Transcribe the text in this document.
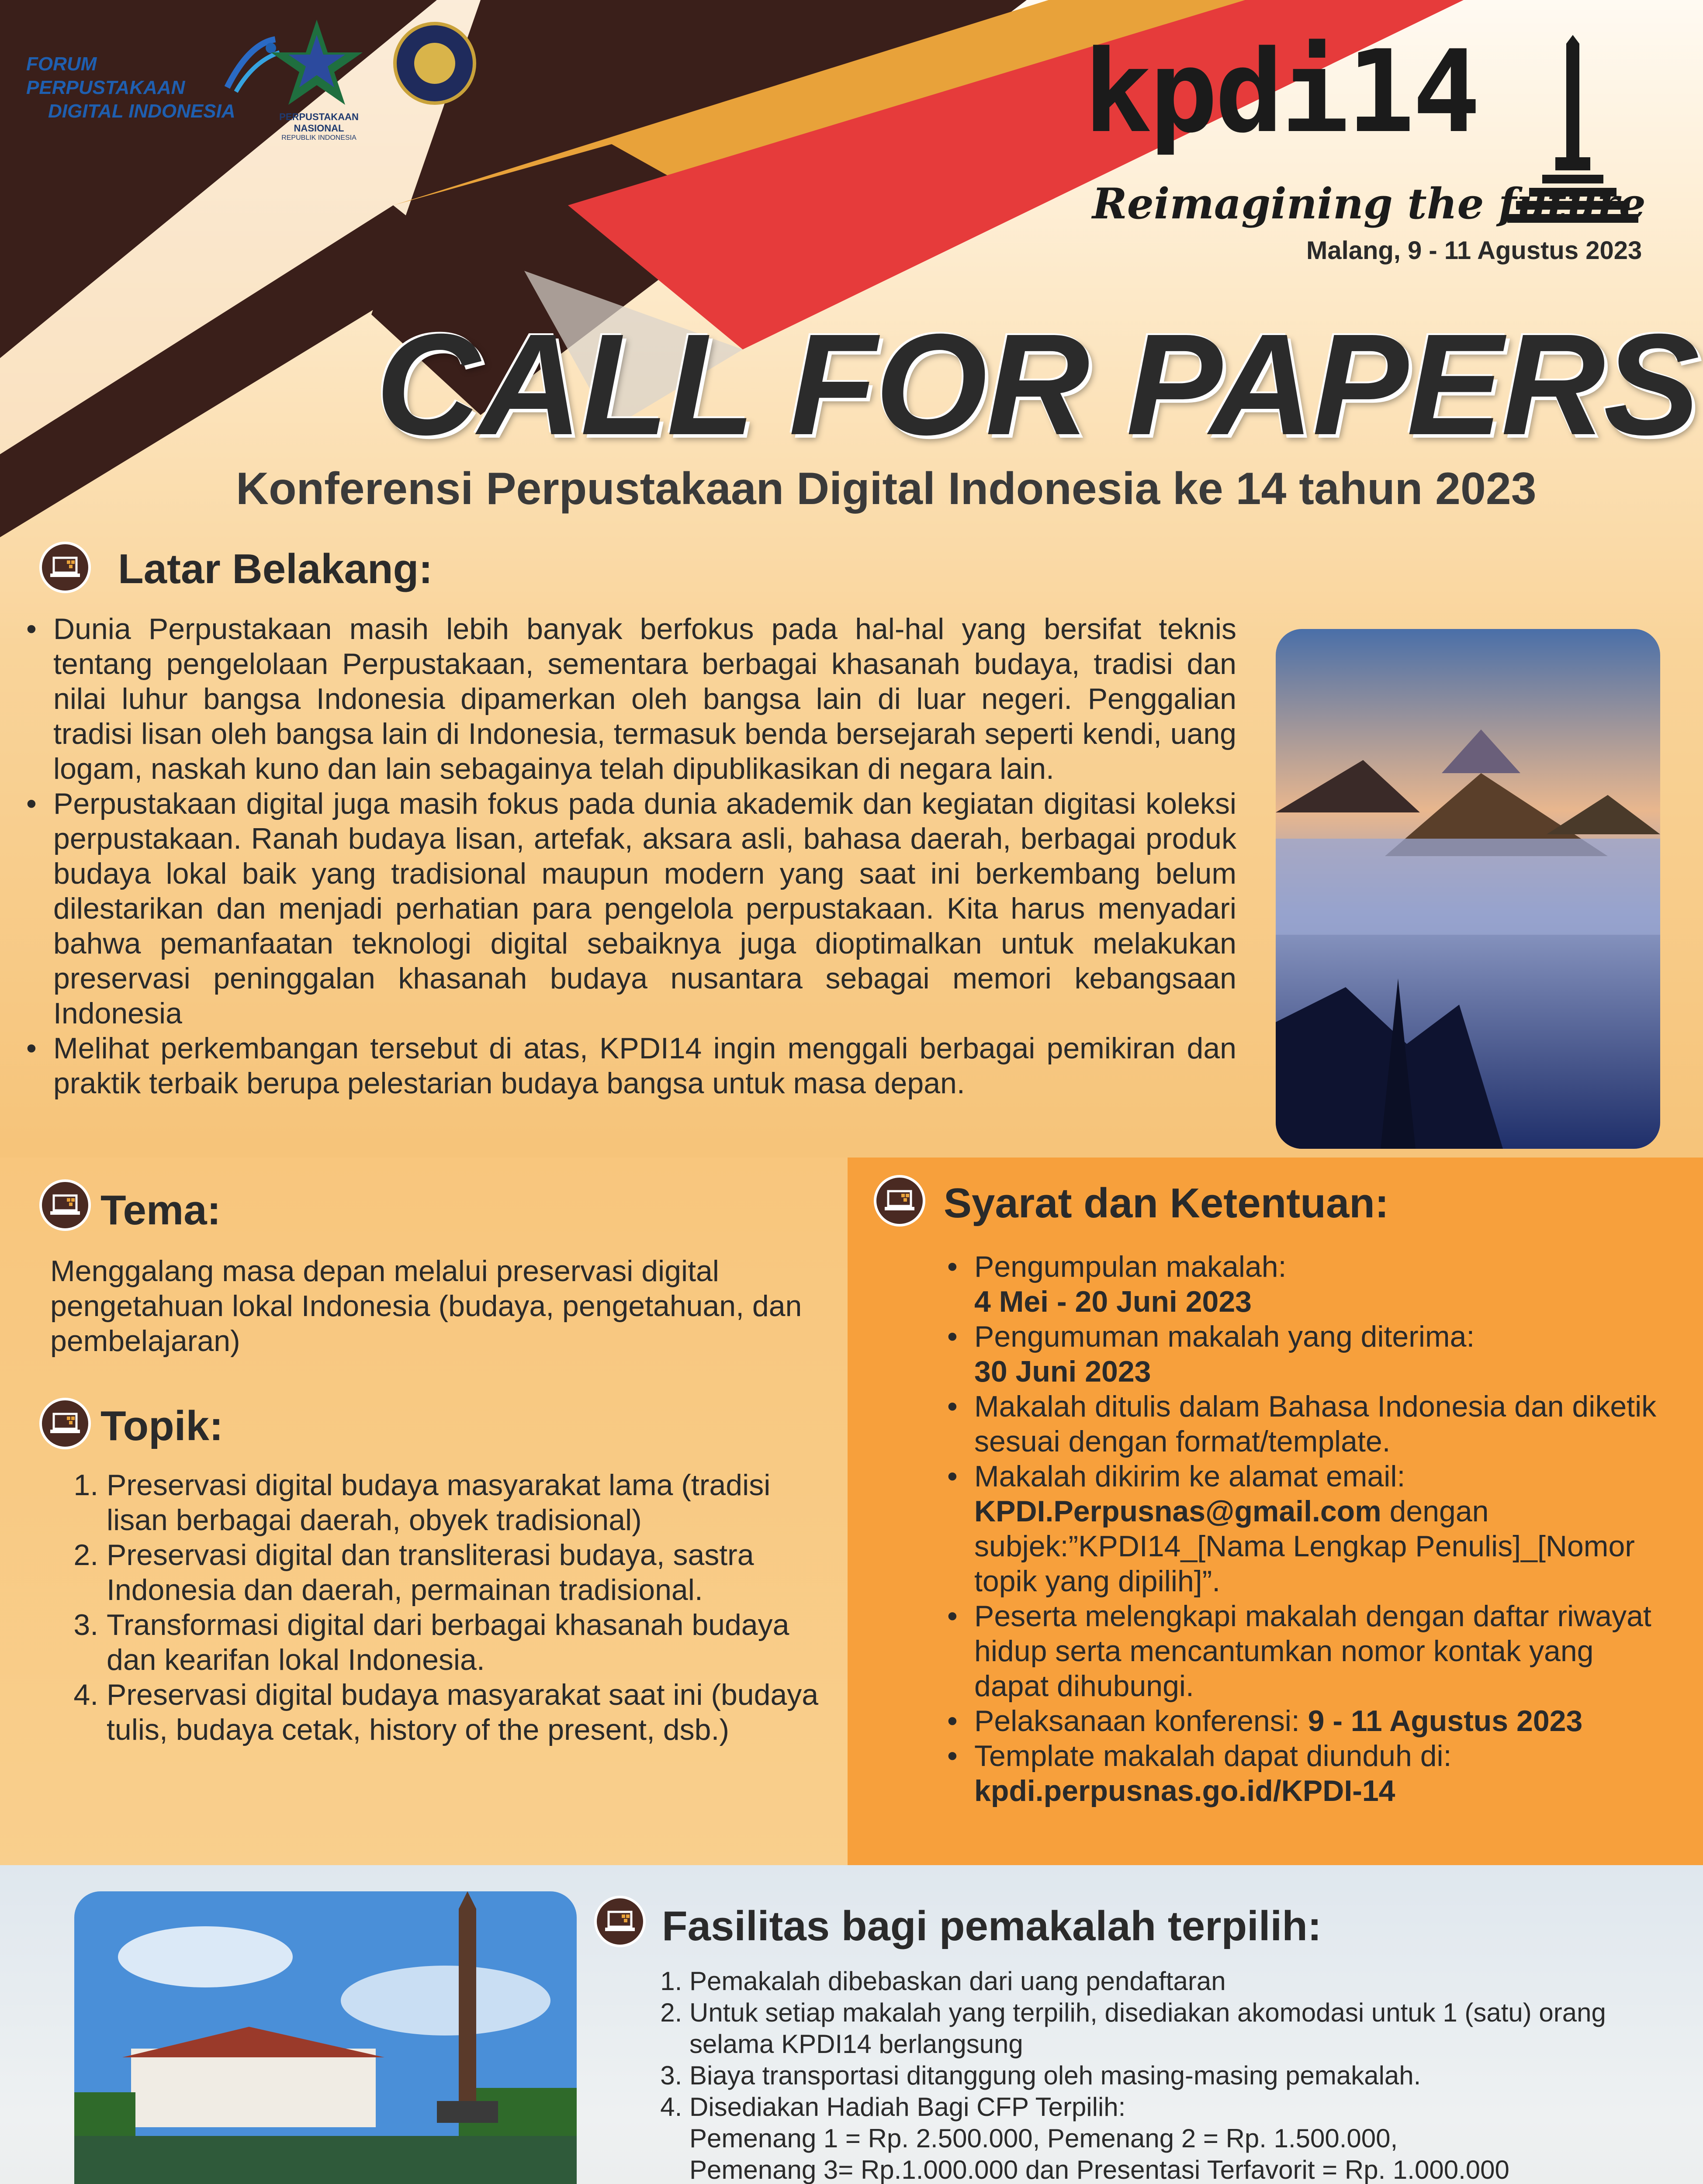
FORUM PERPUSTAKAAN
DIGITAL INDONESIA	PERPUSTAKAAN NASIONAL
REPUBLIK INDONESIA	kpdi14
Reimagining the future
Malang, 9 - 11 Agustus 2023
CALL FOR PAPERS
Konferensi Perpustakaan Digital Indonesia ke 14 tahun 2023
Latar Belakang:
• Dunia Perpustakaan masih lebih banyak berfokus pada hal-hal yang bersifat teknis tentang pengelolaan Perpustakaan, sementara berbagai khasanah budaya, tradisi dan nilai luhur bangsa Indonesia dipamerkan oleh bangsa lain di luar negeri. Penggalian tradisi lisan oleh bangsa lain di Indonesia, termasuk benda bersejarah seperti kendi, uang logam, naskah kuno dan lain sebagainya telah dipublikasikan di negara lain.
• Perpustakaan digital juga masih fokus pada dunia akademik dan kegiatan digitasi koleksi perpustakaan. Ranah budaya lisan, artefak, aksara asli, bahasa daerah, berbagai produk budaya lokal baik yang tradisional maupun modern yang saat ini berkembang belum dilestarikan dan menjadi perhatian para pengelola perpustakaan. Kita harus menyadari bahwa pemanfaatan teknologi digital sebaiknya juga dioptimalkan untuk melakukan preservasi peninggalan khasanah budaya nusantara sebagai memori kebangsaan Indonesia
• Melihat perkembangan tersebut di atas, KPDI14 ingin menggali berbagai pemikiran dan praktik terbaik berupa pelestarian budaya bangsa untuk masa depan.
Tema:
Menggalang masa depan melalui preservasi digital pengetahuan lokal Indonesia (budaya, pengetahuan, dan pembelajaran)
Topik:
1. Preservasi digital budaya masyarakat lama (tradisi lisan berbagai daerah, obyek tradisional)
2. Preservasi digital dan transliterasi budaya, sastra Indonesia dan daerah, permainan tradisional.
3. Transformasi digital dari berbagai khasanah budaya dan kearifan lokal Indonesia.
4. Preservasi digital budaya masyarakat saat ini (budaya tulis, budaya cetak, history of the present, dsb.)
Syarat dan Ketentuan:
• Pengumpulan makalah:
4 Mei - 20 Juni 2023
• Pengumuman makalah yang diterima:
30 Juni 2023
• Makalah ditulis dalam Bahasa Indonesia dan diketik sesuai dengan format/template.
• Makalah dikirim ke alamat email:
KPDI.Perpusnas@gmail.com dengan subjek:”KPDI14_[Nama Lengkap Penulis]_[Nomor topik yang dipilih]”.
• Peserta melengkapi makalah dengan daftar riwayat hidup serta mencantumkan nomor kontak yang dapat dihubungi.
• Pelaksanaan konferensi: 9 - 11 Agustus 2023
• Template makalah dapat diunduh di:
kpdi.perpusnas.go.id/KPDI-14
Fasilitas bagi pemakalah terpilih:
1. Pemakalah dibebaskan dari uang pendaftaran
2. Untuk setiap makalah yang terpilih, disediakan akomodasi untuk 1 (satu) orang selama KPDI14 berlangsung
3. Biaya transportasi ditanggung oleh masing-masing pemakalah.
4. Disediakan Hadiah Bagi CFP Terpilih:
Pemenang 1 = Rp. 2.500.000, Pemenang 2 = Rp. 1.500.000,
Pemenang 3= Rp.1.000.000 dan Presentasi Terfavorit = Rp. 1.000.000
